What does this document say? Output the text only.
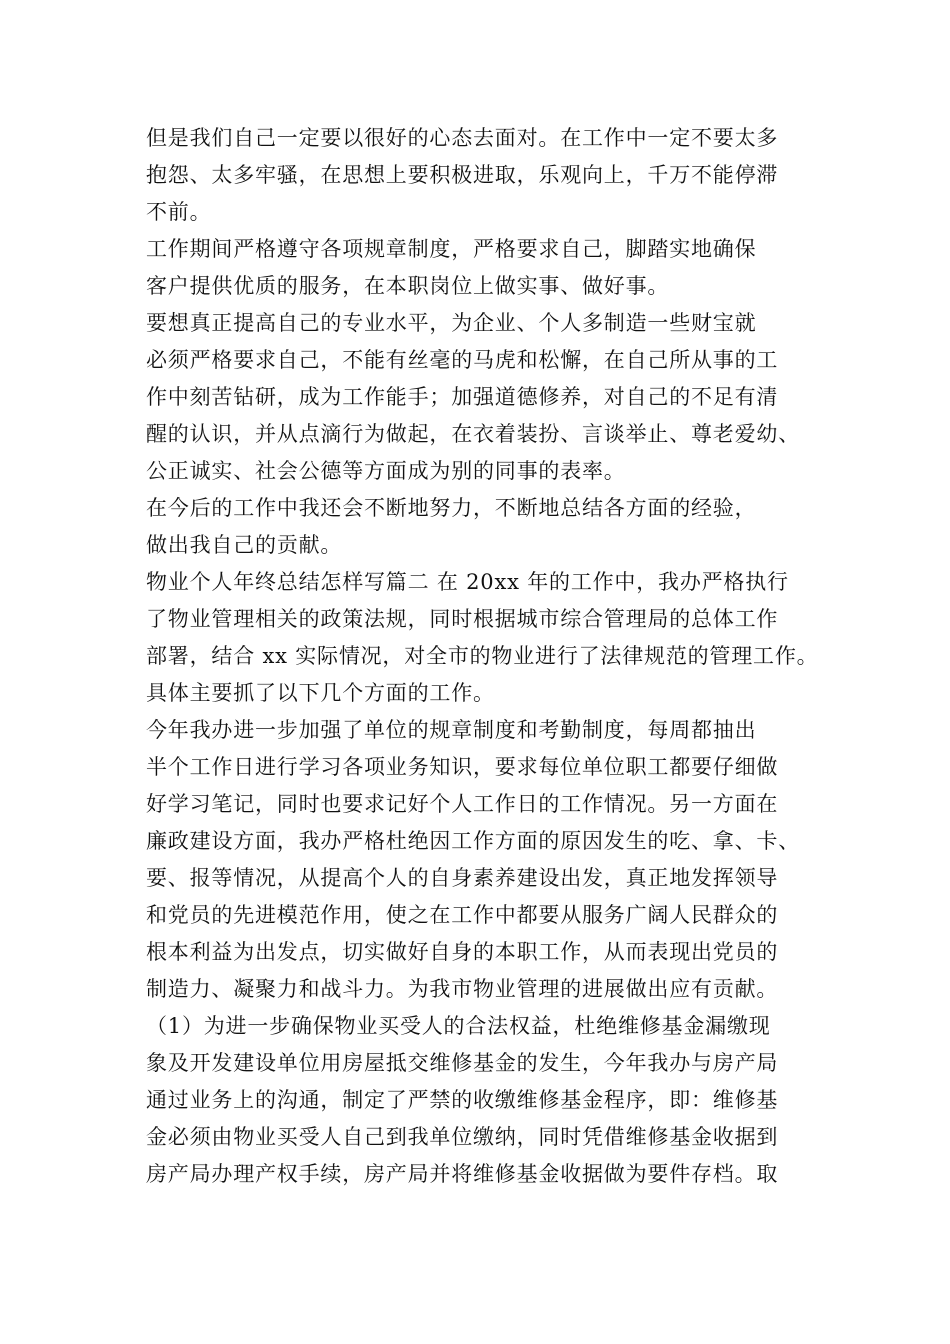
但是我们自己一定要以很好的心态去面对。在工作中一定不要太多
抱怨、太多牢骚，在思想上要积极进取，乐观向上，千万不能停滞
不前。
工作期间严格遵守各项规章制度，严格要求自己，脚踏实地确保
客户提供优质的服务，在本职岗位上做实事、做好事。
要想真正提高自己的专业水平，为企业、个人多制造一些财宝就
必须严格要求自己，不能有丝毫的马虎和松懈，在自己所从事的工
作中刻苦钻研，成为工作能手；加强道德修养，对自己的不足有清
醒的认识，并从点滴行为做起，在衣着装扮、言谈举止、尊老爱幼、
公正诚实、社会公德等方面成为别的同事的表率。
在今后的工作中我还会不断地努力，不断地总结各方面的经验，
做出我自己的贡献。
物业个人年终总结怎样写篇二 在 20xx 年的工作中，我办严格执行
了物业管理相关的政策法规，同时根据城市综合管理局的总体工作
部署，结合 xx 实际情况，对全市的物业进行了法律规范的管理工作。
具体主要抓了以下几个方面的工作。
今年我办进一步加强了单位的规章制度和考勤制度，每周都抽出
半个工作日进行学习各项业务知识，要求每位单位职工都要仔细做
好学习笔记，同时也要求记好个人工作日的工作情况。另一方面在
廉政建设方面，我办严格杜绝因工作方面的原因发生的吃、拿、卡、
要、报等情况，从提高个人的自身素养建设出发，真正地发挥领导
和党员的先进模范作用，使之在工作中都要从服务广阔人民群众的
根本利益为出发点，切实做好自身的本职工作，从而表现出党员的
制造力、凝聚力和战斗力。为我市物业管理的进展做出应有贡献。
（1）为进一步确保物业买受人的合法权益，杜绝维修基金漏缴现
象及开发建设单位用房屋抵交维修基金的发生，今年我办与房产局
通过业务上的沟通，制定了严禁的收缴维修基金程序，即：维修基
金必须由物业买受人自己到我单位缴纳，同时凭借维修基金收据到
房产局办理产权手续，房产局并将维修基金收据做为要件存档。取
